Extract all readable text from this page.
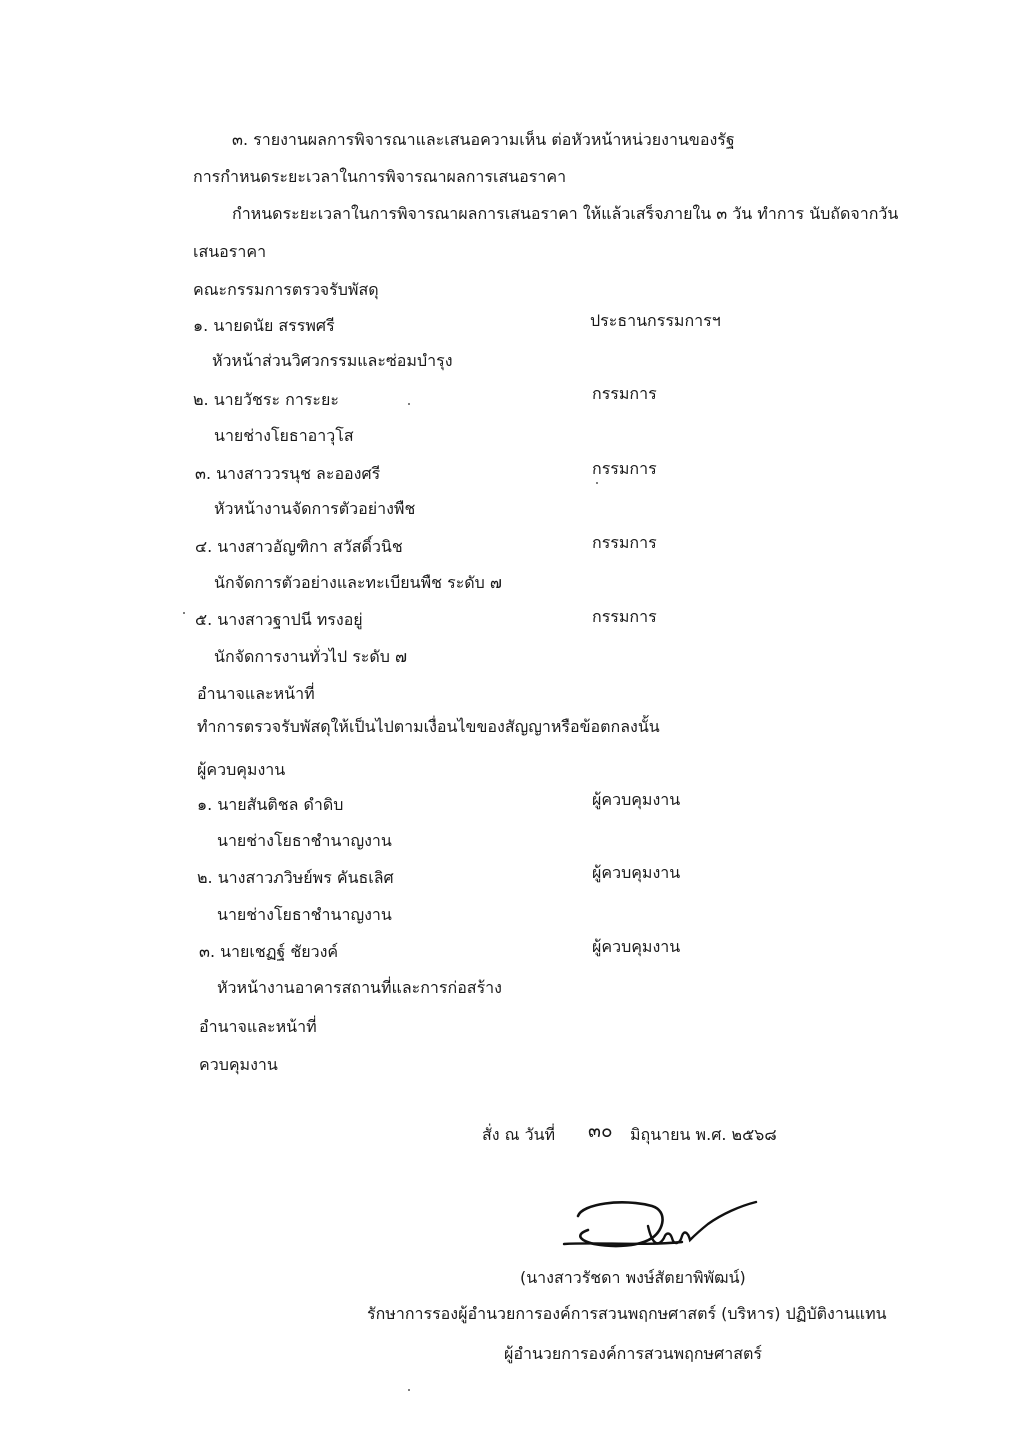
๓. รายงานผลการพิจารณาและเสนอความเห็น ต่อหัวหน้าหน่วยงานของรัฐ
การกำหนดระยะเวลาในการพิจารณาผลการเสนอราคา
กำหนดระยะเวลาในการพิจารณาผลการเสนอราคา ให้แล้วเสร็จภายใน ๓ วัน ทำการ นับถัดจากวัน
เสนอราคา
คณะกรรมการตรวจรับพัสดุ
๑. นายดนัย สรรพศรี	ประธานกรรมการฯ
หัวหน้าส่วนวิศวกรรมและซ่อมบำรุง
๒. นายวัชระ การะยะ	กรรมการ
นายช่างโยธาอาวุโส
๓. นางสาววรนุช ละอองศรี	กรรมการ
หัวหน้างานจัดการตัวอย่างพืช
๔. นางสาวอัญฑิกา สวัสดิ์วนิช	กรรมการ
นักจัดการตัวอย่างและทะเบียนพืช ระดับ ๗
๕. นางสาวฐาปนี ทรงอยู่	กรรมการ
นักจัดการงานทั่วไป ระดับ ๗
อำนาจและหน้าที่
ทำการตรวจรับพัสดุให้เป็นไปตามเงื่อนไขของสัญญาหรือข้อตกลงนั้น
ผู้ควบคุมงาน
๑. นายสันติชล ดำดิบ	ผู้ควบคุมงาน
นายช่างโยธาชำนาญงาน
๒. นางสาวภวิษย์พร คันธเลิศ	ผู้ควบคุมงาน
นายช่างโยธาชำนาญงาน
๓. นายเชฏฐ์ ชัยวงค์	ผู้ควบคุมงาน
หัวหน้างานอาคารสถานที่และการก่อสร้าง
อำนาจและหน้าที่
ควบคุมงาน
สั่ง ณ วันที่ ๓๐ มิถุนายน พ.ศ. ๒๕๖๘
(นางสาวรัชดา พงษ์สัตยาพิพัฒน์)
รักษาการรองผู้อำนวยการองค์การสวนพฤกษศาสตร์ (บริหาร) ปฏิบัติงานแทน
ผู้อำนวยการองค์การสวนพฤกษศาสตร์
